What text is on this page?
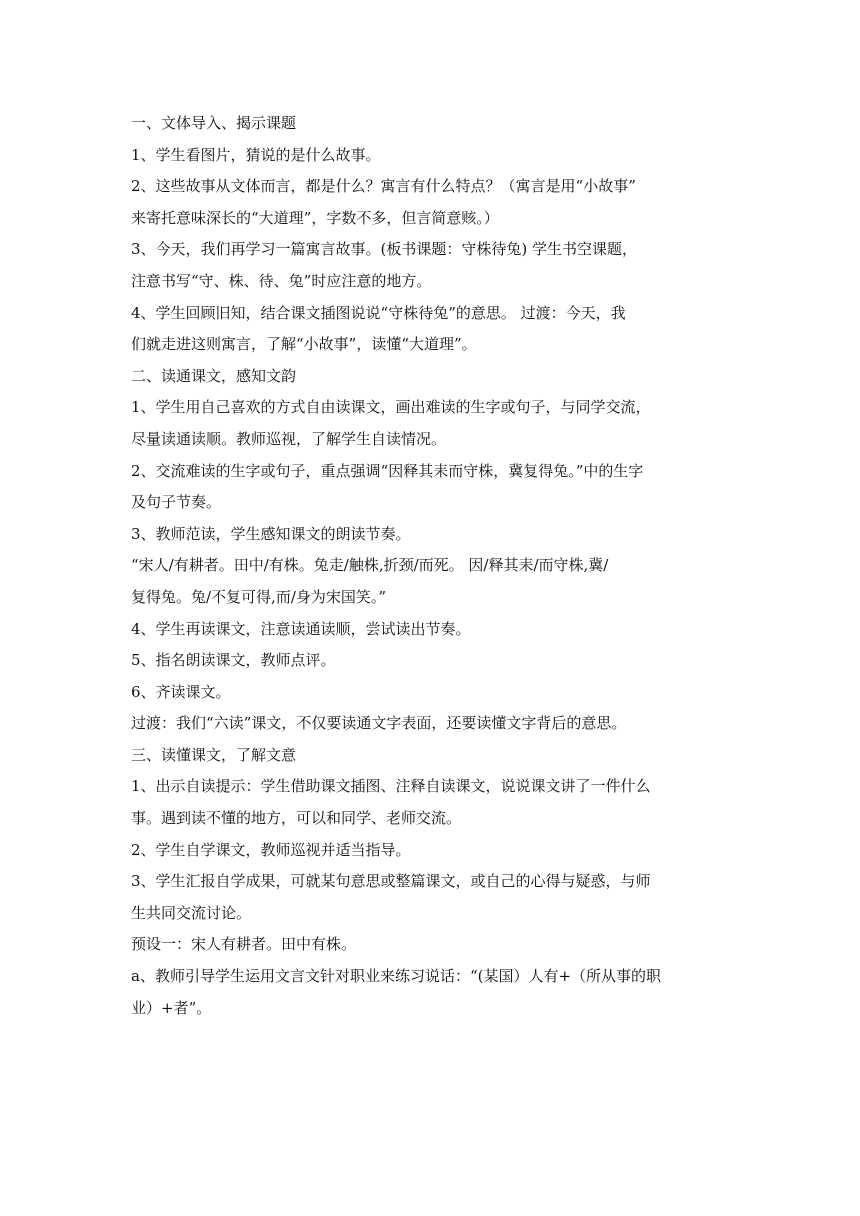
一、文体导入、揭示课题
1、学生看图片，猜说的是什么故事。
2、这些故事从文体而言，都是什么？寓言有什么特点？（寓言是用“小故事”
来寄托意味深长的“大道理”，字数不多，但言简意赅。）
3、今天，我们再学习一篇寓言故事。(板书课题：守株待兔) 学生书空课题，
注意书写“守、株、待、兔”时应注意的地方。
4、学生回顾旧知，结合课文插图说说“守株待兔”的意思。 过渡：今天，我
们就走进这则寓言，了解“小故事”，读懂“大道理”。
二、读通课文，感知文韵
1、学生用自己喜欢的方式自由读课文，画出难读的生字或句子，与同学交流，
尽量读通读顺。教师巡视，了解学生自读情况。
2、交流难读的生字或句子，重点强调“因释其耒而守株，冀复得兔。”中的生字
及句子节奏。
3、教师范读，学生感知课文的朗读节奏。
“宋人/有耕者。田中/有株。兔走/触株,折颈/而死。 因/释其耒/而守株,冀/
复得兔。兔/不复可得,而/身为宋国笑。”
4、学生再读课文，注意读通读顺，尝试读出节奏。
5、指名朗读课文，教师点评。
6、齐读课文。
过渡：我们“六读”课文，不仅要读通文字表面，还要读懂文字背后的意思。
三、读懂课文，了解文意
1、出示自读提示：学生借助课文插图、注释自读课文，说说课文讲了一件什么
事。遇到读不懂的地方，可以和同学、老师交流。
2、学生自学课文，教师巡视并适当指导。
3、学生汇报自学成果，可就某句意思或整篇课文，或自己的心得与疑惑，与师
生共同交流讨论。
预设一：宋人有耕者。田中有株。
a、教师引导学生运用文言文针对职业来练习说话：“(某国）人有+（所从事的职
业）+者”。
